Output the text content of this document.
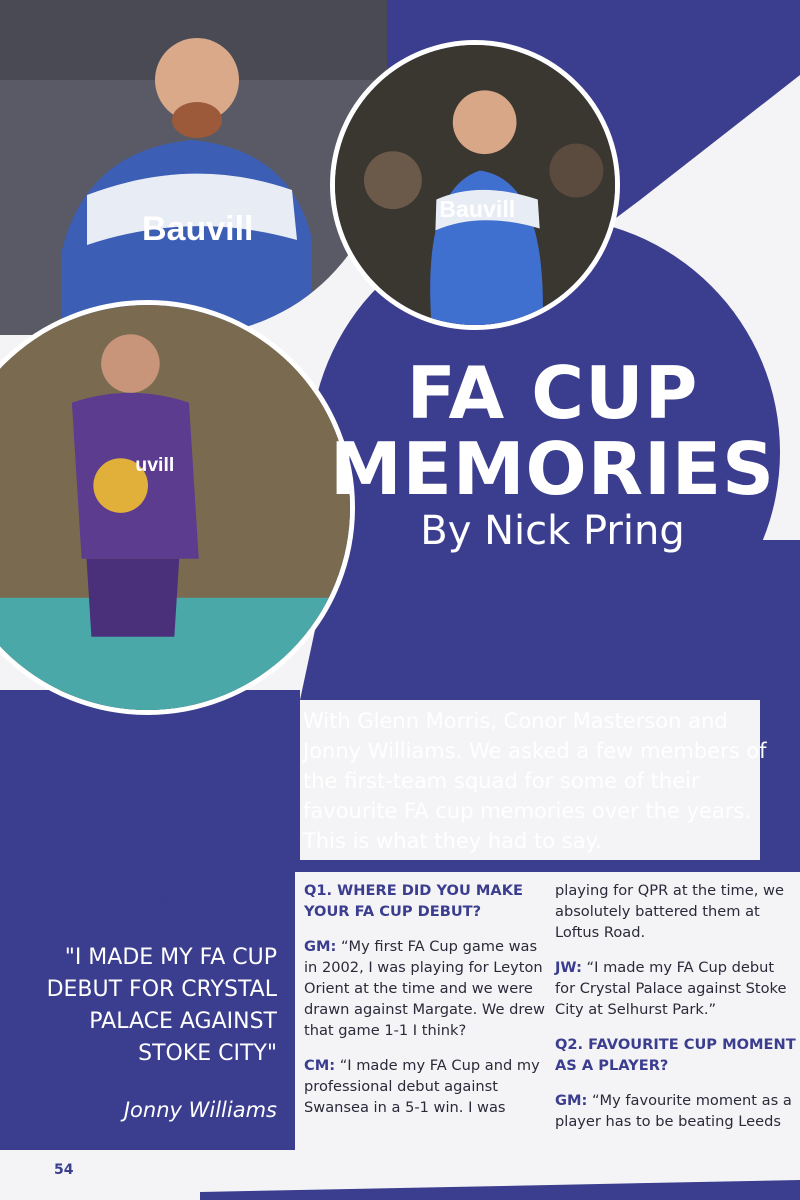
Bauvill
Bauvill
uvill
FA CUP
MEMORIES
By Nick Pring
With Glenn Morris, Conor Masterson and Jonny Williams. We asked a few members of the first-team squad for some of their favourite FA cup memories over the years. This is what they had to say.
Q1. WHERE DID YOU MAKE YOUR FA CUP DEBUT?
GM: “My first FA Cup game was in 2002, I was playing for Leyton Orient at the time and we were drawn against Margate. We drew that game 1-1 I think?
CM: “I made my FA Cup and my professional debut against Swansea in a 5-1 win. I was
playing for QPR at the time, we absolutely battered them at Loftus Road.
JW: “I made my FA Cup debut for Crystal Palace against Stoke City at Selhurst Park.”
Q2. FAVOURITE CUP MOMENT AS A PLAYER?
GM: “My favourite moment as a player has to be beating Leeds
"I MADE MY FA CUP DEBUT FOR CRYSTAL PALACE AGAINST STOKE CITY"
Jonny Williams
54
